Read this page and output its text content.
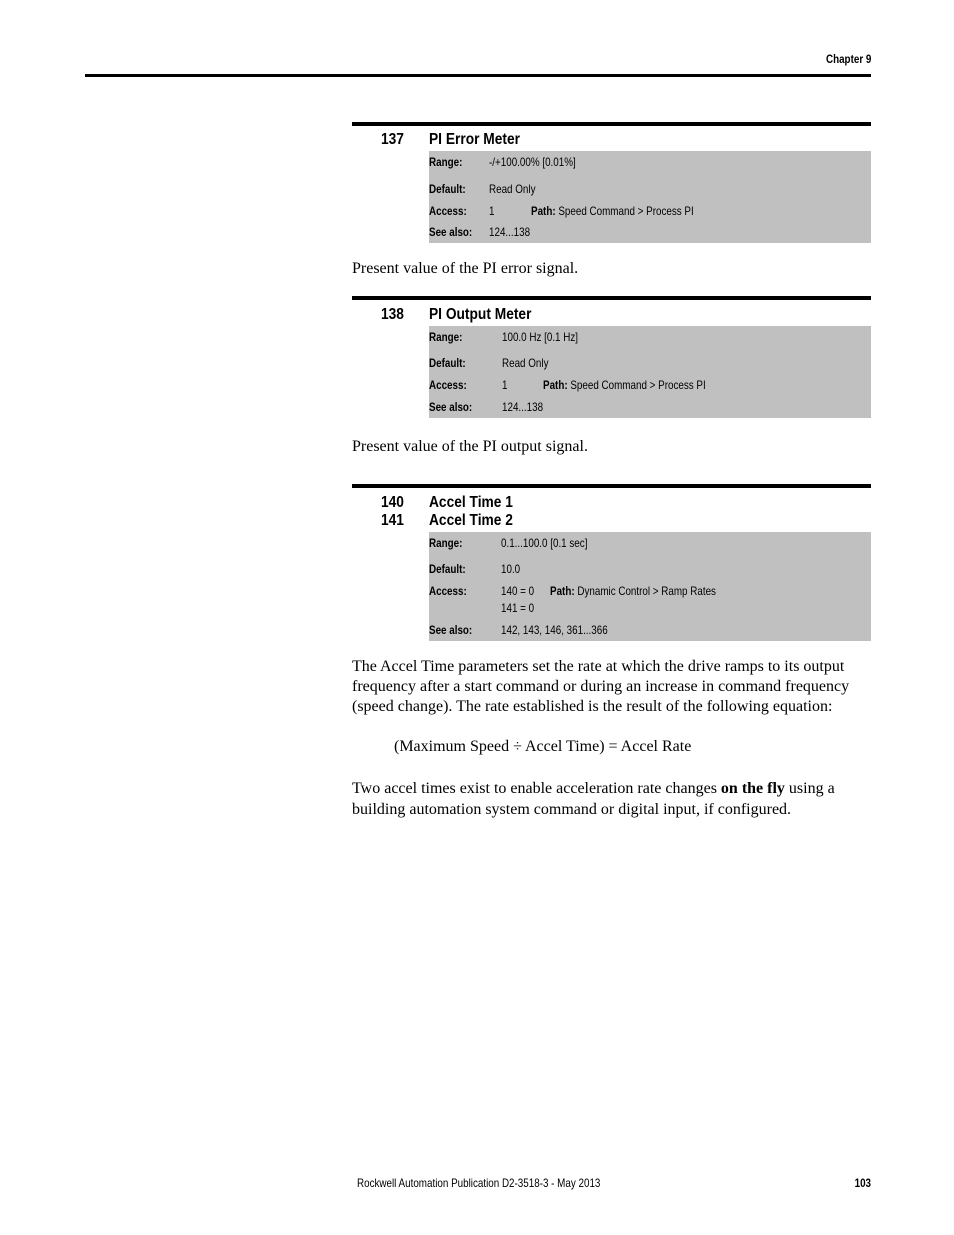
Chapter 9
137 PI Error Meter
Range: -/+100.00% [0.01%]
Default: Read Only
Access: 1	Path: Speed Command > Process PI
See also: 124...138
Present value of the PI error signal.
138 PI Output Meter
Range:	100.0 Hz [0.1 Hz]
Default:	Read Only
Access:	1	Path: Speed Command > Process PI
See also: 124...138
Present value of the PI output signal.
140 Accel Time 1
141 Accel Time 2
Range:	0.1...100.0 [0.1 sec]
Default:	10.0
Access:	140 = 0 Path: Dynamic Control > Ramp Rates
141 = 0
See also: 142, 143, 146, 361...366
The Accel Time parameters set the rate at which the drive ramps to its output
frequency after a start command or during an increase in command frequency
(speed change). The rate established is the result of the following equation:
(Maximum Speed ÷ Accel Time) = Accel Rate
Two accel times exist to enable acceleration rate changes on the fly using a
building automation system command or digital input, if configured.
Rockwell Automation Publication D2-3518-3 - May 2013	103
